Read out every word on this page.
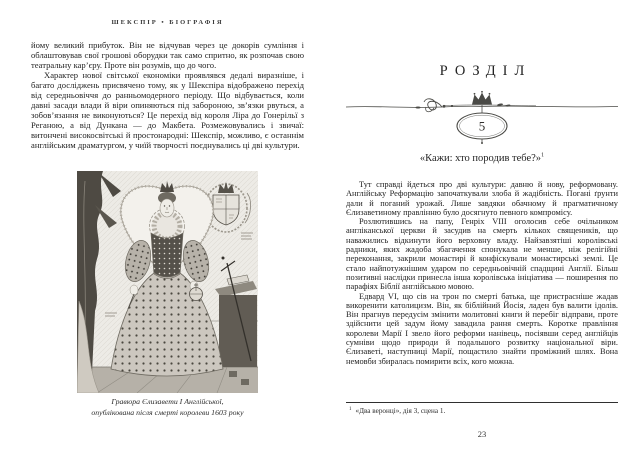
ШЕКСПІР • БІОГРАФІЯ

йому великий прибуток. Він не відчував через це докорів сумління і облаштовував свої грошові оборудки так само спритно, як розпочав свою театральну кар’єру. Проте він розумів, що до чого.

Характер нової світської економіки проявлявся дедалі виразніше, і багато досліджень присвячено тому, як у Шекспіра відображено перехід від середньовіччя до ранньомодерного періоду. Що відбувається, коли давні засади влади й віри опиняються під забороною, зв’язки рвуться, а зобов’язання не виконуються? Це перехід від короля Ліра до Гонерільї з Реганою, а від Дункана — до Макбета. Розмежовувались і звичаї: витончені високосвітські й простонародні: Шекспір, можливо, є останнім англійським драматургом, у чиїй творчості поєднувались ці дві культури.

Гравюра Єлизавети І Англійської,
опублікована після смерті королеви 1603 року
РОЗДІЛ
5
«Кажи: хто породив тебе?»$^1$

Тут справді йдеться про дві культури: давню й нову, реформовану. Англійську Реформацію започаткували злоба й жадібність. Погані ґрунти дали й поганий урожай. Лише завдяки обачному й прагматичному Єлизаветиному правлінню було досягнуто певного компромісу.

Розлютившись на папу, Генріх VIII оголосив себе очільником англіканської церкви й засудив на смерть кількох священиків, що наважились відкинути його верховну владу. Найзавзятіші королівські радники, яких жадоба збагачення спонукала не менше, ніж релігійні переконання, закрили монастирі й конфіскували монастирські землі. Це стало найпотужнішим ударом по середньовічній спадщині Англії. Більш позитивні наслідки принесла інша королівська ініціатива — поширення по парафіях Біблії англійською мовою.

Едвард VI, що сів на трон по смерті батька, ще пристрасніше жадав викоренити католицизм. Він, як біблійний Йосія, ладен був валити ідолів. Він прагнув передусім змінити молитовні книги й перебіг відправи, проте здійснити цей задум йому завадила рання смерть. Коротке правління королеви Марії І звело його реформи нанівець, посіявши серед англійців сумніви щодо природи й подальшого розвитку національної віри. Єлизаветі, наступниці Марії, пощастило знайти проміжний шлях. Вона немовби збиралась помирити всіх, кого можна.

$^1$ «Два веронці», дія 3, сцена 1.
23
